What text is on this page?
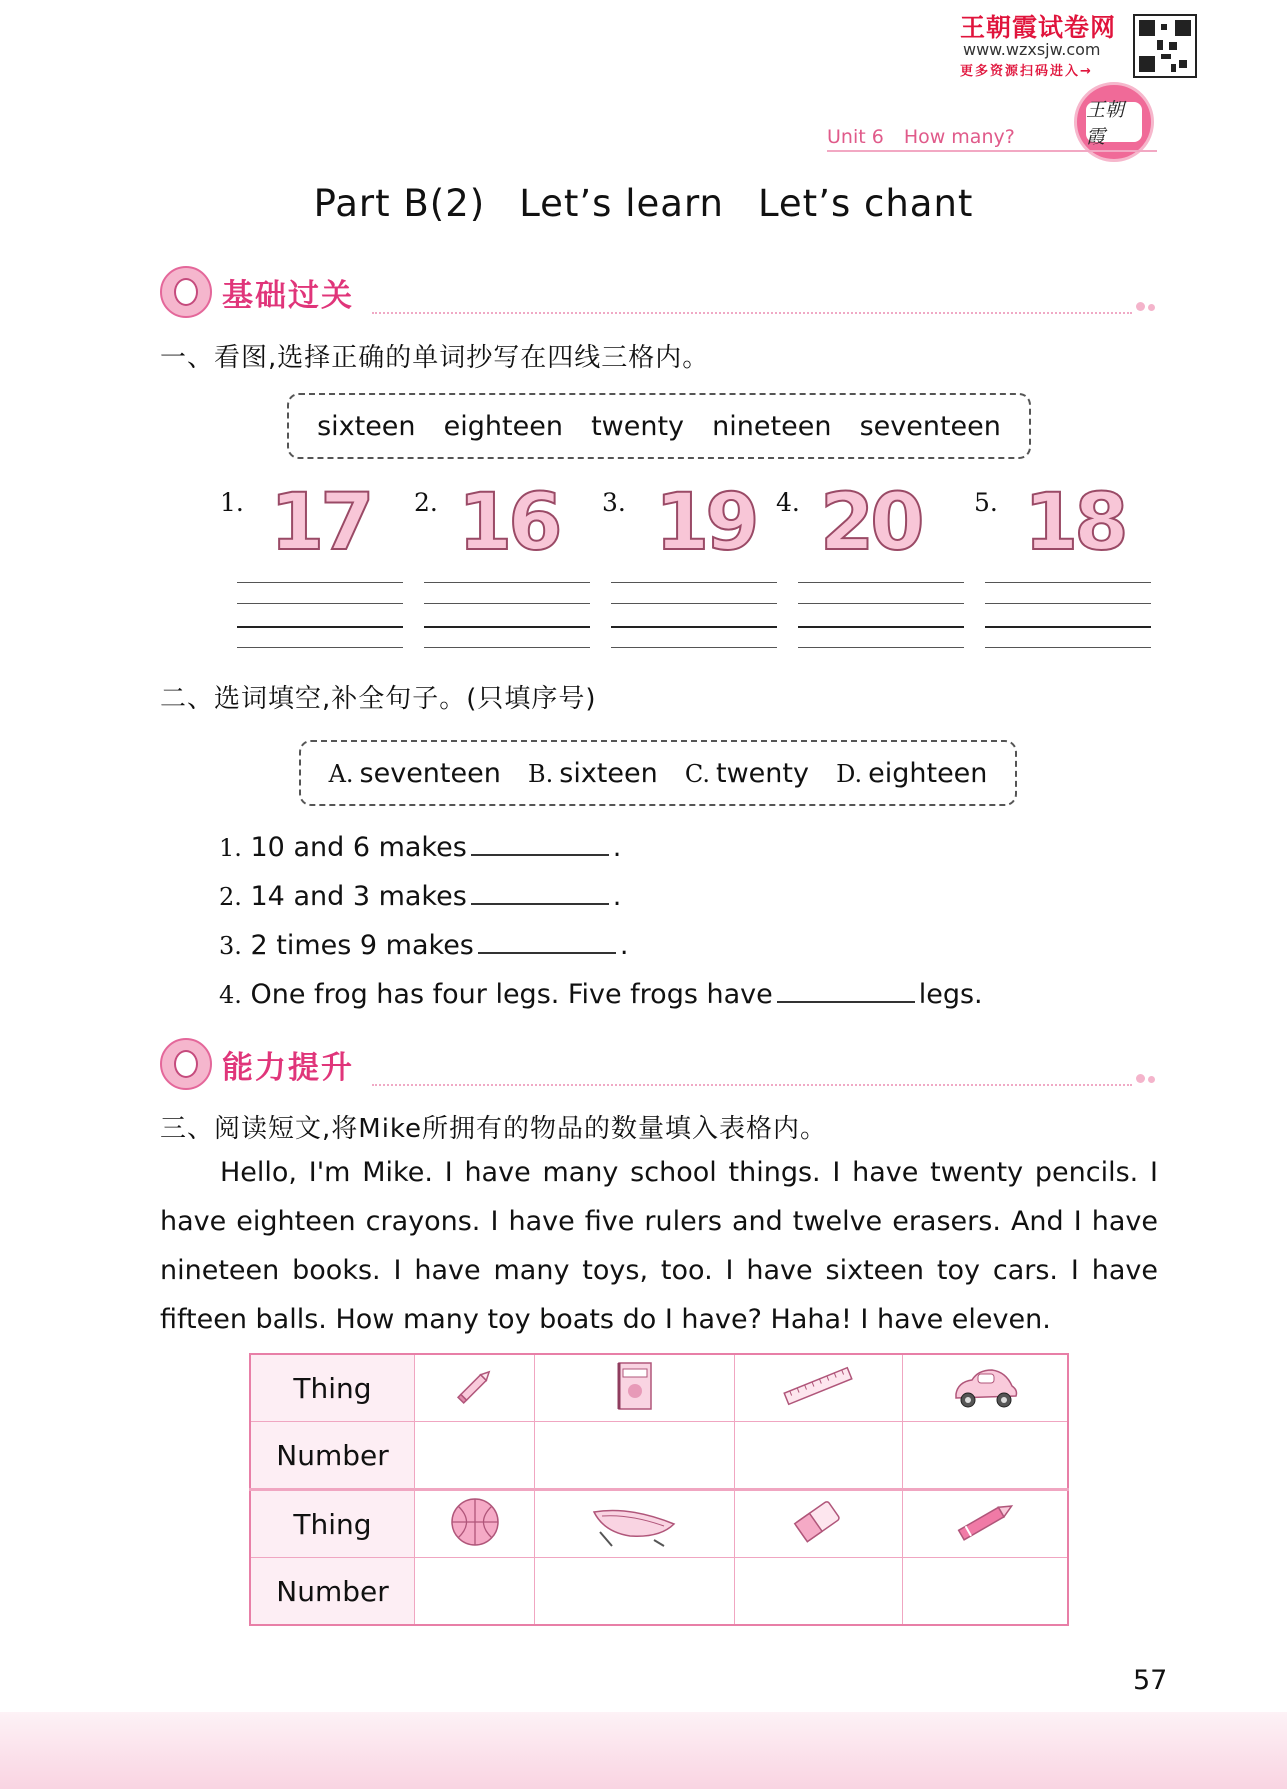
王朝霞试卷网
www.wzxsjw.com
更多资源扫码进入→
王朝霞
Unit 6 How many?
Part B(2) Let’s learn Let’s chant
基础过关
一、看图,选择正确的单词抄写在四线三格内。
sixteen eighteen twenty nineteen seventeen
1. 17 2. 16 3. 19 4. 20 5. 18
二、选词填空,补全句子。(只填序号)
A. seventeen B. sixteen C. twenty D. eighteen
1. 10 and 6 makes	.
2. 14 and 3 makes	.
3. 2 times 9 makes	.
4. One frog has four legs. Five frogs have	legs.
能力提升
三、阅读短文,将Mike所拥有的物品的数量填入表格内。
Hello, I'm Mike. I have many school things. I have twenty pencils. I have eighteen crayons. I have five rulers and twelve erasers. And I have nineteen books. I have many toys, too. I have sixteen toy cars. I have fifteen balls. How many toy boats do I have? Haha! I have eleven.
Thing				
Number				
Thing				
Number				
57
